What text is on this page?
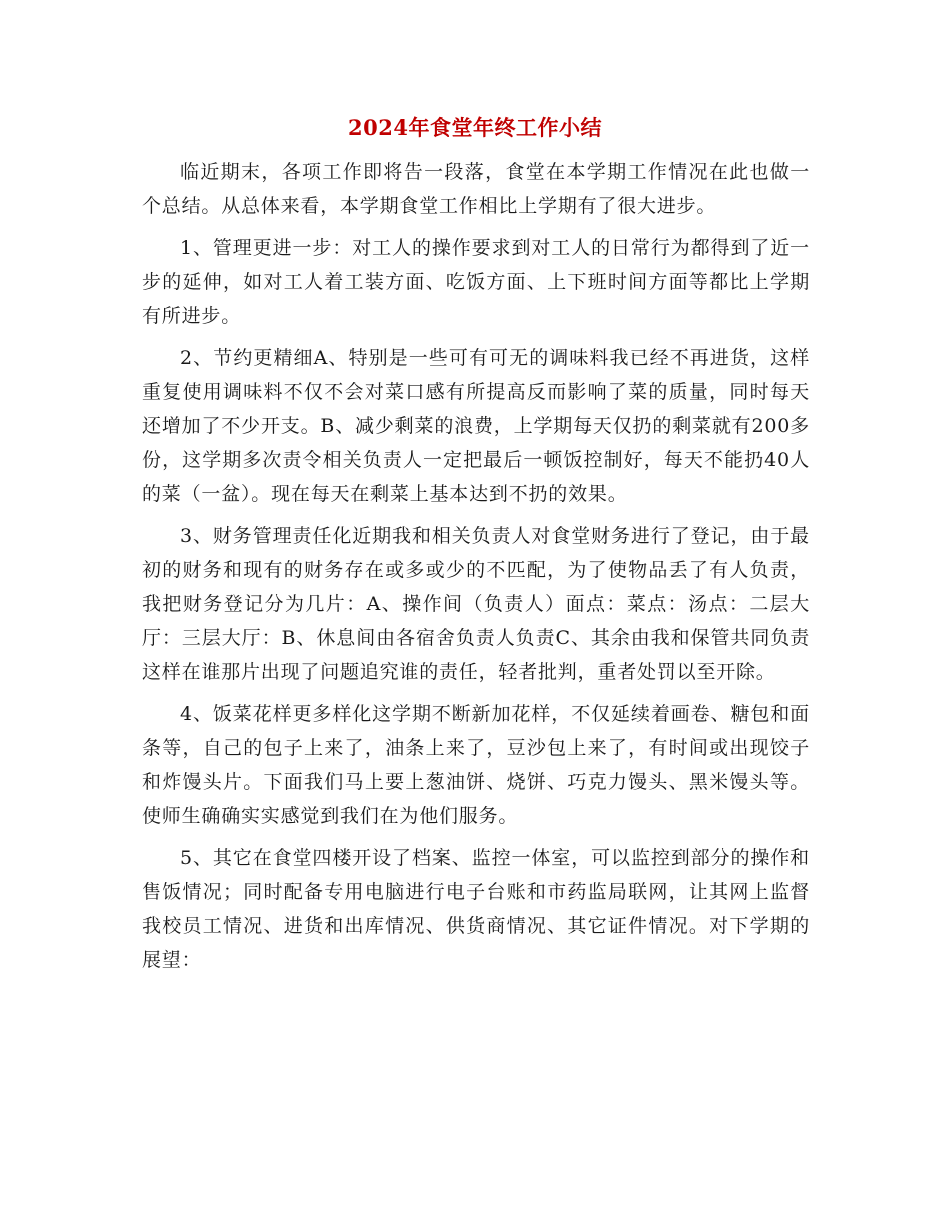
2024年食堂年终工作小结

临近期末，各项工作即将告一段落，食堂在本学期工作情况在此也做一个总结。从总体来看，本学期食堂工作相比上学期有了很大进步。

1、管理更进一步：对工人的操作要求到对工人的日常行为都得到了近一步的延伸，如对工人着工装方面、吃饭方面、上下班时间方面等都比上学期有所进步。

2、节约更精细A、特别是一些可有可无的调味料我已经不再进货，这样重复使用调味料不仅不会对菜口感有所提高反而影响了菜的质量，同时每天还增加了不少开支。B、减少剩菜的浪费，上学期每天仅扔的剩菜就有200多份，这学期多次责令相关负责人一定把最后一顿饭控制好，每天不能扔40人的菜（一盆）。现在每天在剩菜上基本达到不扔的效果。

3、财务管理责任化近期我和相关负责人对食堂财务进行了登记，由于最初的财务和现有的财务存在或多或少的不匹配，为了使物品丢了有人负责，我把财务登记分为几片：A、操作间（负责人）面点：菜点：汤点：二层大厅：三层大厅：B、休息间由各宿舍负责人负责C、其余由我和保管共同负责这样在谁那片出现了问题追究谁的责任，轻者批判，重者处罚以至开除。

4、饭菜花样更多样化这学期不断新加花样，不仅延续着画卷、糖包和面条等，自己的包子上来了，油条上来了，豆沙包上来了，有时间或出现饺子和炸馒头片。下面我们马上要上葱油饼、烧饼、巧克力馒头、黑米馒头等。使师生确确实实感觉到我们在为他们服务。

5、其它在食堂四楼开设了档案、监控一体室，可以监控到部分的操作和售饭情况；同时配备专用电脑进行电子台账和市药监局联网，让其网上监督我校员工情况、进货和出库情况、供货商情况、其它证件情况。对下学期的展望：
